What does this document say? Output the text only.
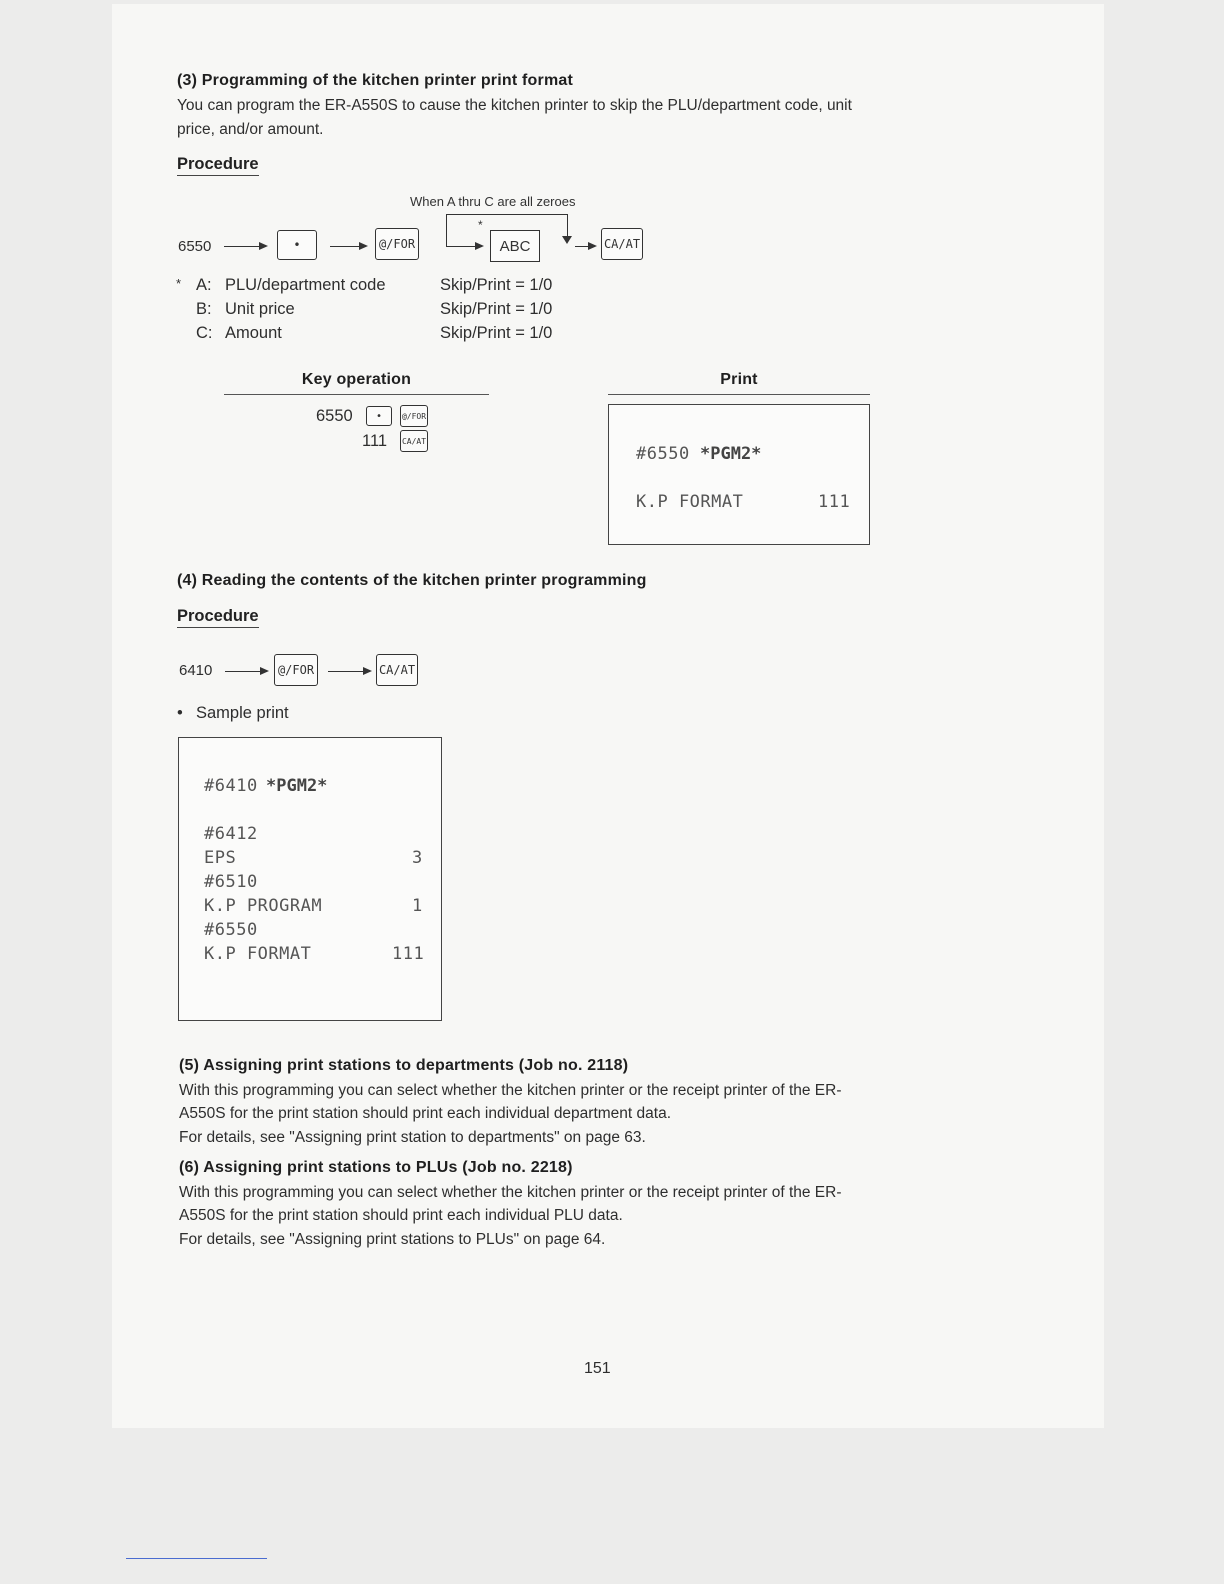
(3) Programming of the kitchen printer print format
You can program the ER-A550S to cause the kitchen printer to skip the PLU/department code, unit
price, and/or amount.
Procedure
When A thru C are all zeroes
6550	•	@/FOR
*
ABC	CA/AT
* A: PLU/department code	Skip/Print = 1/0
B: Unit price	Skip/Print = 1/0
C: Amount	Skip/Print = 1/0
Key operation	Print
6550	•	@/FOR
111 CA/AT
#6550 *PGM2*
K.P FORMAT	111
(4) Reading the contents of the kitchen printer programming
Procedure
6410	@/FOR	CA/AT
• Sample print
#6410 *PGM2*
#6412
EPS	3
#6510
K.P PROGRAM	1
#6550
K.P FORMAT	111
(5) Assigning print stations to departments (Job no. 2118)
With this programming you can select whether the kitchen printer or the receipt printer of the ER-
A550S for the print station should print each individual department data.
For details, see "Assigning print station to departments" on page 63.
(6) Assigning print stations to PLUs (Job no. 2218)
With this programming you can select whether the kitchen printer or the receipt printer of the ER-
A550S for the print station should print each individual PLU data.
For details, see "Assigning print stations to PLUs" on page 64.
151
